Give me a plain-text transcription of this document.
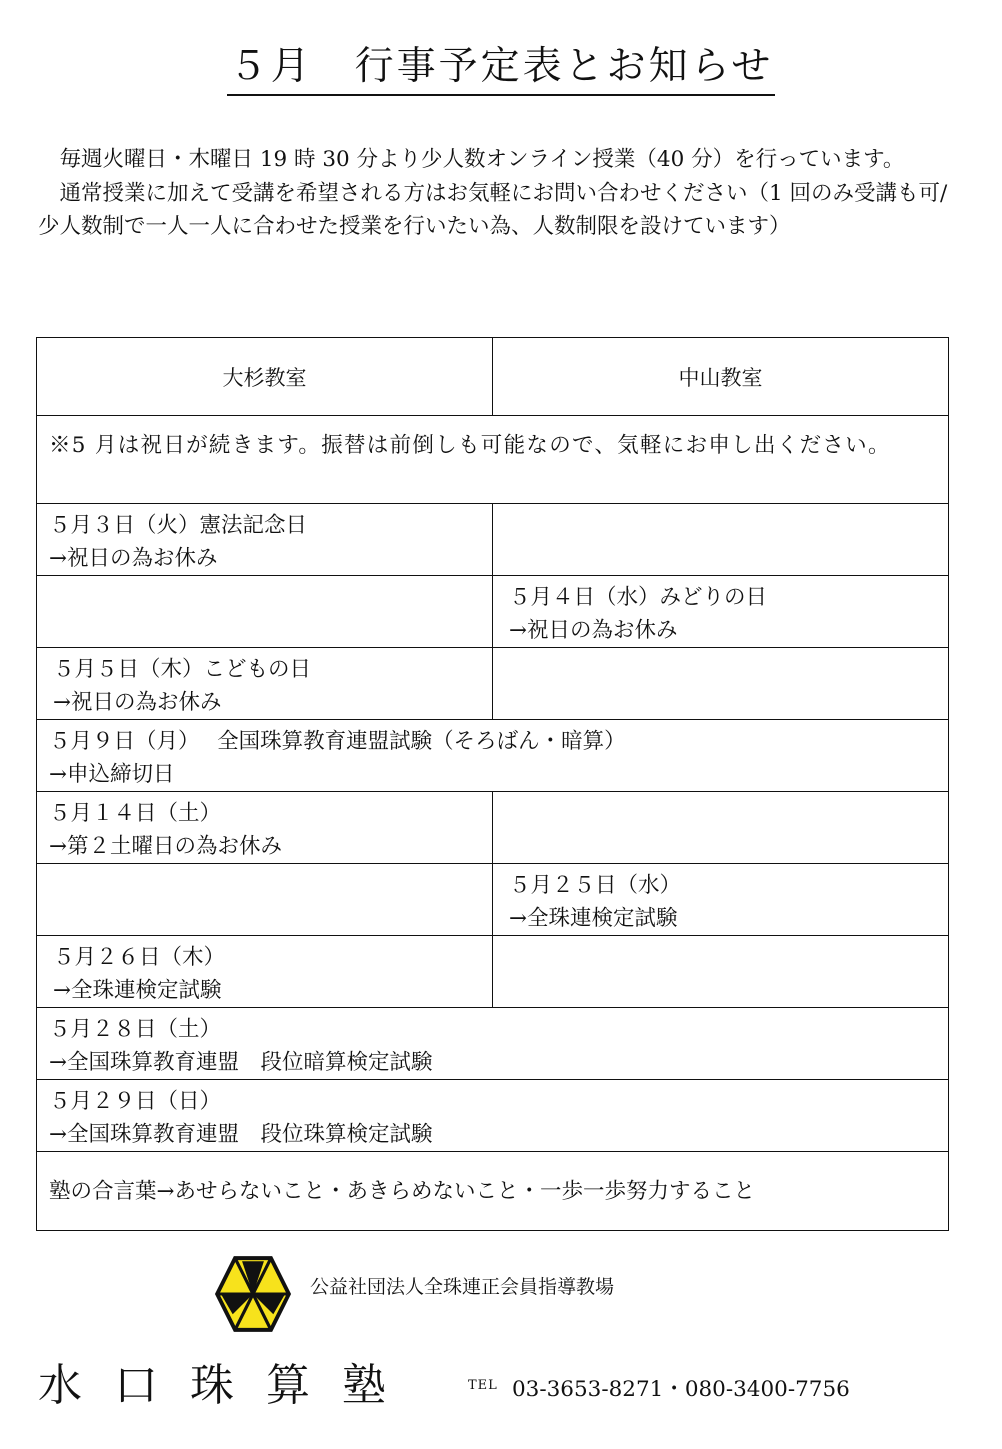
５月　行事予定表とお知らせ

毎週火曜日・木曜日 19 時 30 分より少人数オンライン授業（40 分）を行っています。

通常授業に加えて受講を希望される方はお気軽にお問い合わせください（1 回のみ受講も可/少人数制で一人一人に合わせた授業を行いたい為、人数制限を設けています）

大杉教室	中山教室

※5 月は祝日が続きます。振替は前倒しも可能なので、気軽にお申し出ください。	

５月３日（火）憲法記念日
→祝日の為お休み	

	５月４日（水）みどりの日
→祝日の為お休み

５月５日（木）こどもの日
→祝日の為お休み	

５月９日（月）　 全国珠算教育連盟試験（そろばん・暗算）
→申込締切日	

５月１４日（土）
→第２土曜日の為お休み	

	５月２５日（水）
→全珠連検定試験

５月２６日（木）
→全珠連検定試験	

５月２８日（土）
→全国珠算教育連盟　段位暗算検定試験	

５月２９日（日）
→全国珠算教育連盟　段位珠算検定試験	

塾の合言葉→あせらないこと・あきらめないこと・一歩一歩努力すること	
公益社団法人全珠連正会員指導教場
水口珠算塾	TEL 03-3653-8271・080-3400-7756
